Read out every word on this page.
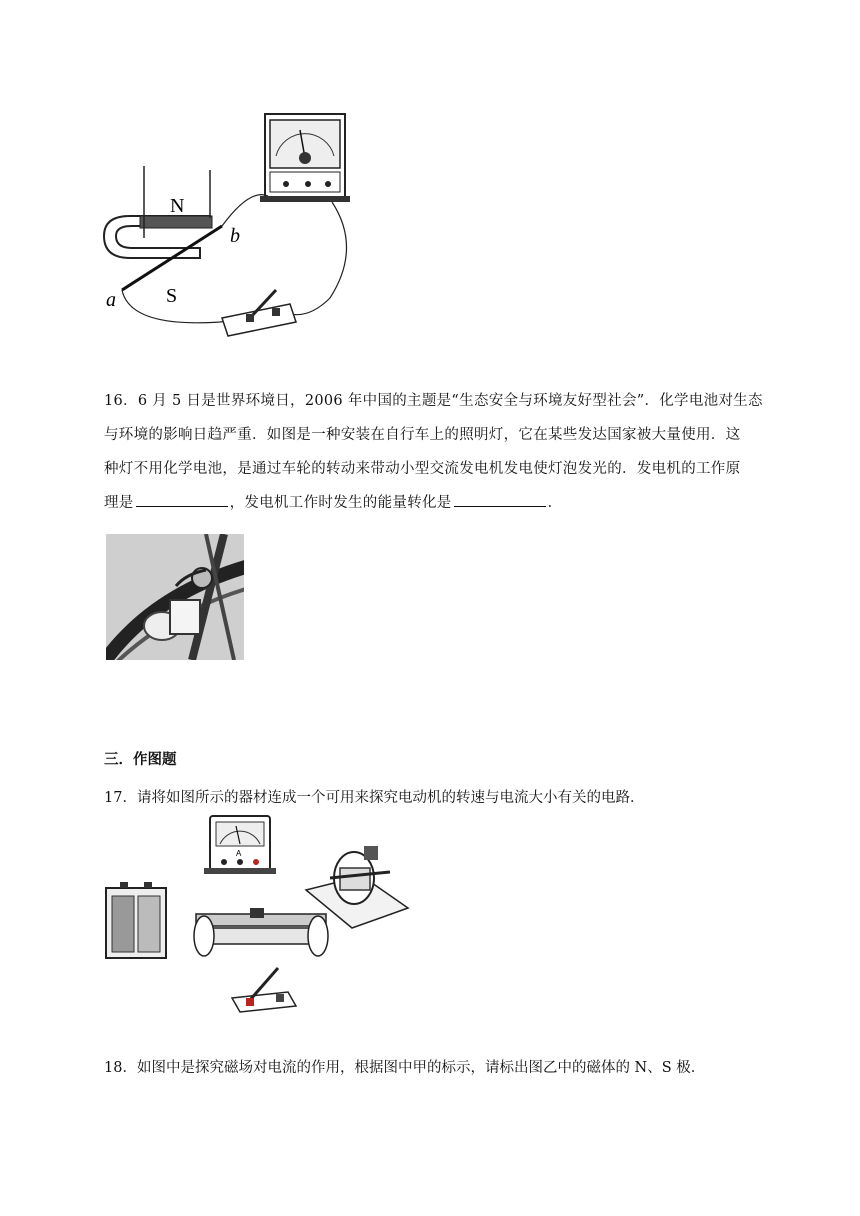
N
S
a
b

16．6 月 5 日是世界环境日，2006 年中国的主题是“生态安全与环境友好型社会”．化学电池对生态
与环境的影响日趋严重．如图是一种安装在自行车上的照明灯，它在某些发达国家被大量使用．这
种灯不用化学电池，是通过车轮的转动来带动小型交流发电机发电使灯泡发光的．发电机的工作原
理是	，发电机工作时发生的能量转化是	．

三．作图题

17．请将如图所示的器材连成一个可用来探究电动机的转速与电流大小有关的电路．

A

18．如图中是探究磁场对电流的作用，根据图中甲的标示，请标出图乙中的磁体的 N、S 极．
